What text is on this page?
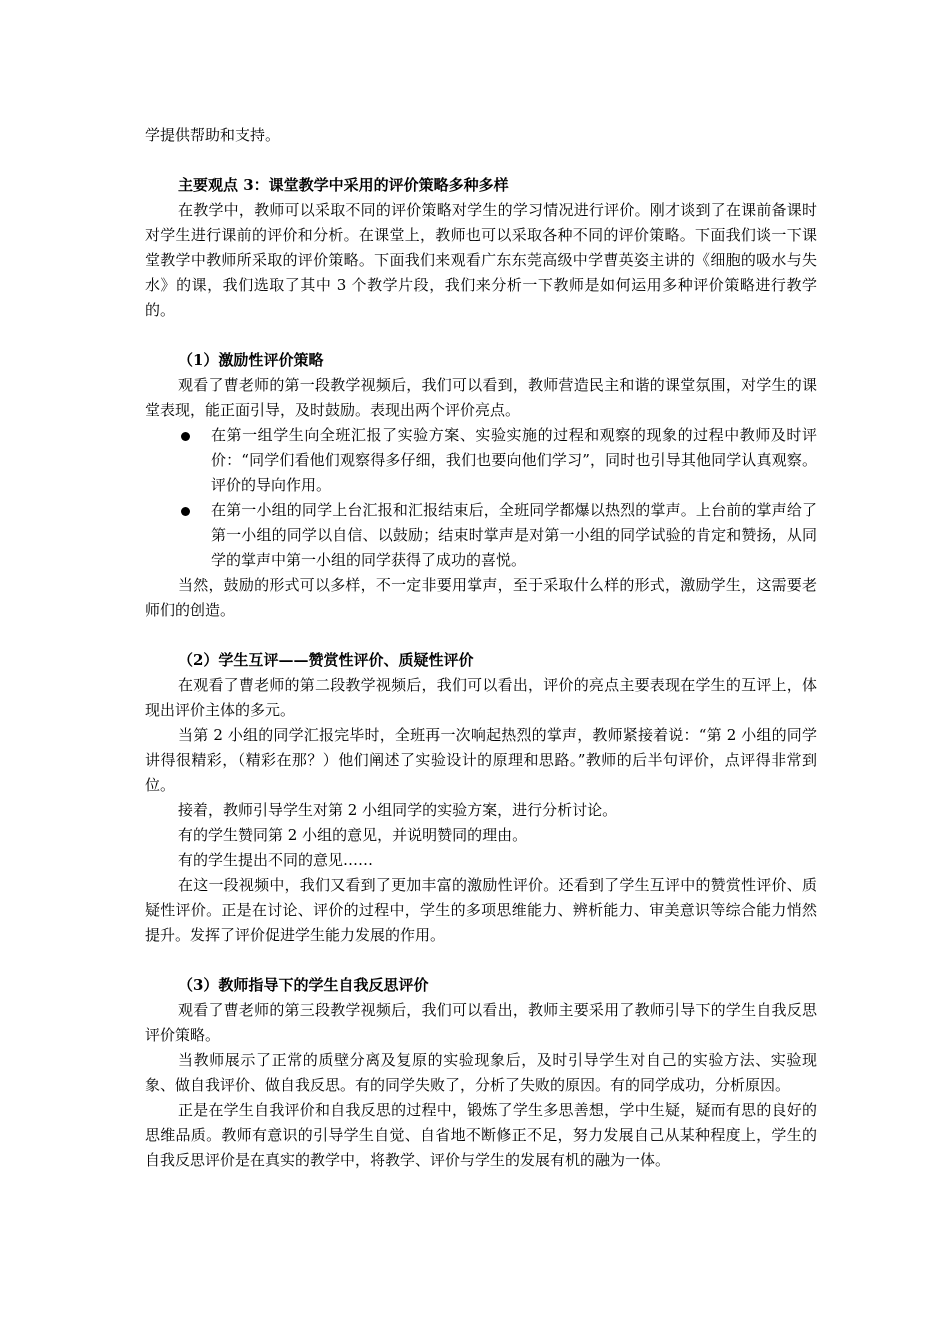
学提供帮助和支持。

主要观点 3：课堂教学中采用的评价策略多种多样

在教学中，教师可以采取不同的评价策略对学生的学习情况进行评价。刚才谈到了在课前备课时对学生进行课前的评价和分析。在课堂上，教师也可以采取各种不同的评价策略。下面我们谈一下课堂教学中教师所采取的评价策略。下面我们来观看广东东莞高级中学曹英姿主讲的《细胞的吸水与失水》的课，我们选取了其中 3 个教学片段，我们来分析一下教师是如何运用多种评价策略进行教学的。

（1）激励性评价策略

观看了曹老师的第一段教学视频后，我们可以看到，教师营造民主和谐的课堂氛围，对学生的课堂表现，能正面引导，及时鼓励。表现出两个评价亮点。

在第一组学生向全班汇报了实验方案、实验实施的过程和观察的现象的过程中教师及时评价：“同学们看他们观察得多仔细，我们也要向他们学习”，同时也引导其他同学认真观察。评价的导向作用。

在第一小组的同学上台汇报和汇报结束后，全班同学都爆以热烈的掌声。上台前的掌声给了第一小组的同学以自信、以鼓励；结束时掌声是对第一小组的同学试验的肯定和赞扬，从同学的掌声中第一小组的同学获得了成功的喜悦。

当然，鼓励的形式可以多样，不一定非要用掌声，至于采取什么样的形式，激励学生，这需要老师们的创造。

（2）学生互评——赞赏性评价、质疑性评价

在观看了曹老师的第二段教学视频后，我们可以看出，评价的亮点主要表现在学生的互评上，体现出评价主体的多元。

当第 2 小组的同学汇报完毕时，全班再一次响起热烈的掌声，教师紧接着说：“第 2 小组的同学讲得很精彩，（精彩在那？）他们阐述了实验设计的原理和思路。”教师的后半句评价，点评得非常到位。

接着，教师引导学生对第 2 小组同学的实验方案，进行分析讨论。

有的学生赞同第 2 小组的意见，并说明赞同的理由。

有的学生提出不同的意见……

在这一段视频中，我们又看到了更加丰富的激励性评价。还看到了学生互评中的赞赏性评价、质疑性评价。正是在讨论、评价的过程中，学生的多项思维能力、辨析能力、审美意识等综合能力悄然提升。发挥了评价促进学生能力发展的作用。

（3）教师指导下的学生自我反思评价

观看了曹老师的第三段教学视频后，我们可以看出，教师主要采用了教师引导下的学生自我反思评价策略。

当教师展示了正常的质壁分离及复原的实验现象后，及时引导学生对自己的实验方法、实验现象、做自我评价、做自我反思。有的同学失败了，分析了失败的原因。有的同学成功，分析原因。

正是在学生自我评价和自我反思的过程中，锻炼了学生多思善想，学中生疑，疑而有思的良好的思维品质。教师有意识的引导学生自觉、自省地不断修正不足，努力发展自己从某种程度上，学生的自我反思评价是在真实的教学中，将教学、评价与学生的发展有机的融为一体。
